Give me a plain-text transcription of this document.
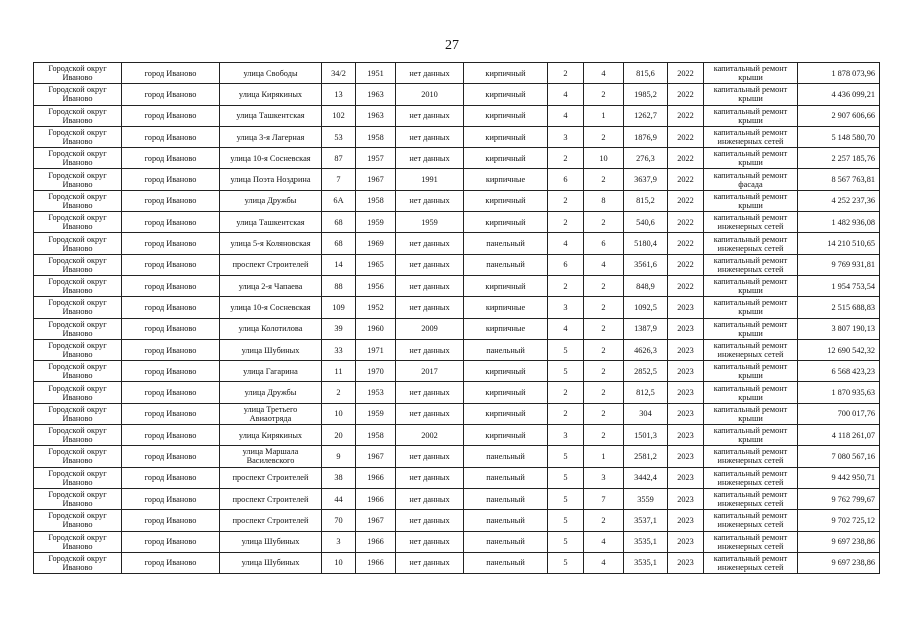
27
Городской округ Иваново	город Иваново	улица Свободы	34/2	1951	нет данных	кирпичный	2	4	815,6	2022	капитальный ремонт крыши	1 878 073,96
Городской округ Иваново	город Иваново	улица Кирякиных	13	1963	2010	кирпичный	4	2	1985,2	2022	капитальный ремонт крыши	4 436 099,21
Городской округ Иваново	город Иваново	улица Ташкентская	102	1963	нет данных	кирпичный	4	1	1262,7	2022	капитальный ремонт крыши	2 907 606,66
Городской округ Иваново	город Иваново	улица 3-я Лагерная	53	1958	нет данных	кирпичный	3	2	1876,9	2022	капитальный ремонт инженерных сетей	5 148 580,70
Городской округ Иваново	город Иваново	улица 10-я Сосневская	87	1957	нет данных	кирпичный	2	10	276,3	2022	капитальный ремонт крыши	2 257 185,76
Городской округ Иваново	город Иваново	улица Поэта Ноздрина	7	1967	1991	кирпичные	6	2	3637,9	2022	капитальный ремонт фасада	8 567 763,81
Городской округ Иваново	город Иваново	улица Дружбы	6А	1958	нет данных	кирпичный	2	8	815,2	2022	капитальный ремонт крыши	4 252 237,36
Городской округ Иваново	город Иваново	улица Ташкентская	68	1959	1959	кирпичный	2	2	540,6	2022	капитальный ремонт инженерных сетей	1 482 936,08
Городской округ Иваново	город Иваново	улица 5-я Коляновская	68	1969	нет данных	панельный	4	6	5180,4	2022	капитальный ремонт инженерных сетей	14 210 510,65
Городской округ Иваново	город Иваново	проспект Строителей	14	1965	нет данных	панельный	6	4	3561,6	2022	капитальный ремонт инженерных сетей	9 769 931,81
Городской округ Иваново	город Иваново	улица 2-я Чапаева	88	1956	нет данных	кирпичный	2	2	848,9	2022	капитальный ремонт крыши	1 954 753,54
Городской округ Иваново	город Иваново	улица 10-я Сосневская	109	1952	нет данных	кирпичные	3	2	1092,5	2023	капитальный ремонт крыши	2 515 688,83
Городской округ Иваново	город Иваново	улица Колотилова	39	1960	2009	кирпичные	4	2	1387,9	2023	капитальный ремонт крыши	3 807 190,13
Городской округ Иваново	город Иваново	улица Шубиных	33	1971	нет данных	панельный	5	2	4626,3	2023	капитальный ремонт инженерных сетей	12 690 542,32
Городской округ Иваново	город Иваново	улица Гагарина	11	1970	2017	кирпичный	5	2	2852,5	2023	капитальный ремонт крыши	6 568 423,23
Городской округ Иваново	город Иваново	улица Дружбы	2	1953	нет данных	кирпичный	2	2	812,5	2023	капитальный ремонт крыши	1 870 935,63
Городской округ Иваново	город Иваново	улица Третьего Авиаотряда	10	1959	нет данных	кирпичный	2	2	304	2023	капитальный ремонт крыши	700 017,76
Городской округ Иваново	город Иваново	улица Кирякиных	20	1958	2002	кирпичный	3	2	1501,3	2023	капитальный ремонт крыши	4 118 261,07
Городской округ Иваново	город Иваново	улица Маршала Василевского	9	1967	нет данных	панельный	5	1	2581,2	2023	капитальный ремонт инженерных сетей	7 080 567,16
Городской округ Иваново	город Иваново	проспект Строителей	38	1966	нет данных	панельный	5	3	3442,4	2023	капитальный ремонт инженерных сетей	9 442 950,71
Городской округ Иваново	город Иваново	проспект Строителей	44	1966	нет данных	панельный	5	7	3559	2023	капитальный ремонт инженерных сетей	9 762 799,67
Городской округ Иваново	город Иваново	проспект Строителей	70	1967	нет данных	панельный	5	2	3537,1	2023	капитальный ремонт инженерных сетей	9 702 725,12
Городской округ Иваново	город Иваново	улица Шубиных	3	1966	нет данных	панельный	5	4	3535,1	2023	капитальный ремонт инженерных сетей	9 697 238,86
Городской округ Иваново	город Иваново	улица Шубиных	10	1966	нет данных	панельный	5	4	3535,1	2023	капитальный ремонт инженерных сетей	9 697 238,86
